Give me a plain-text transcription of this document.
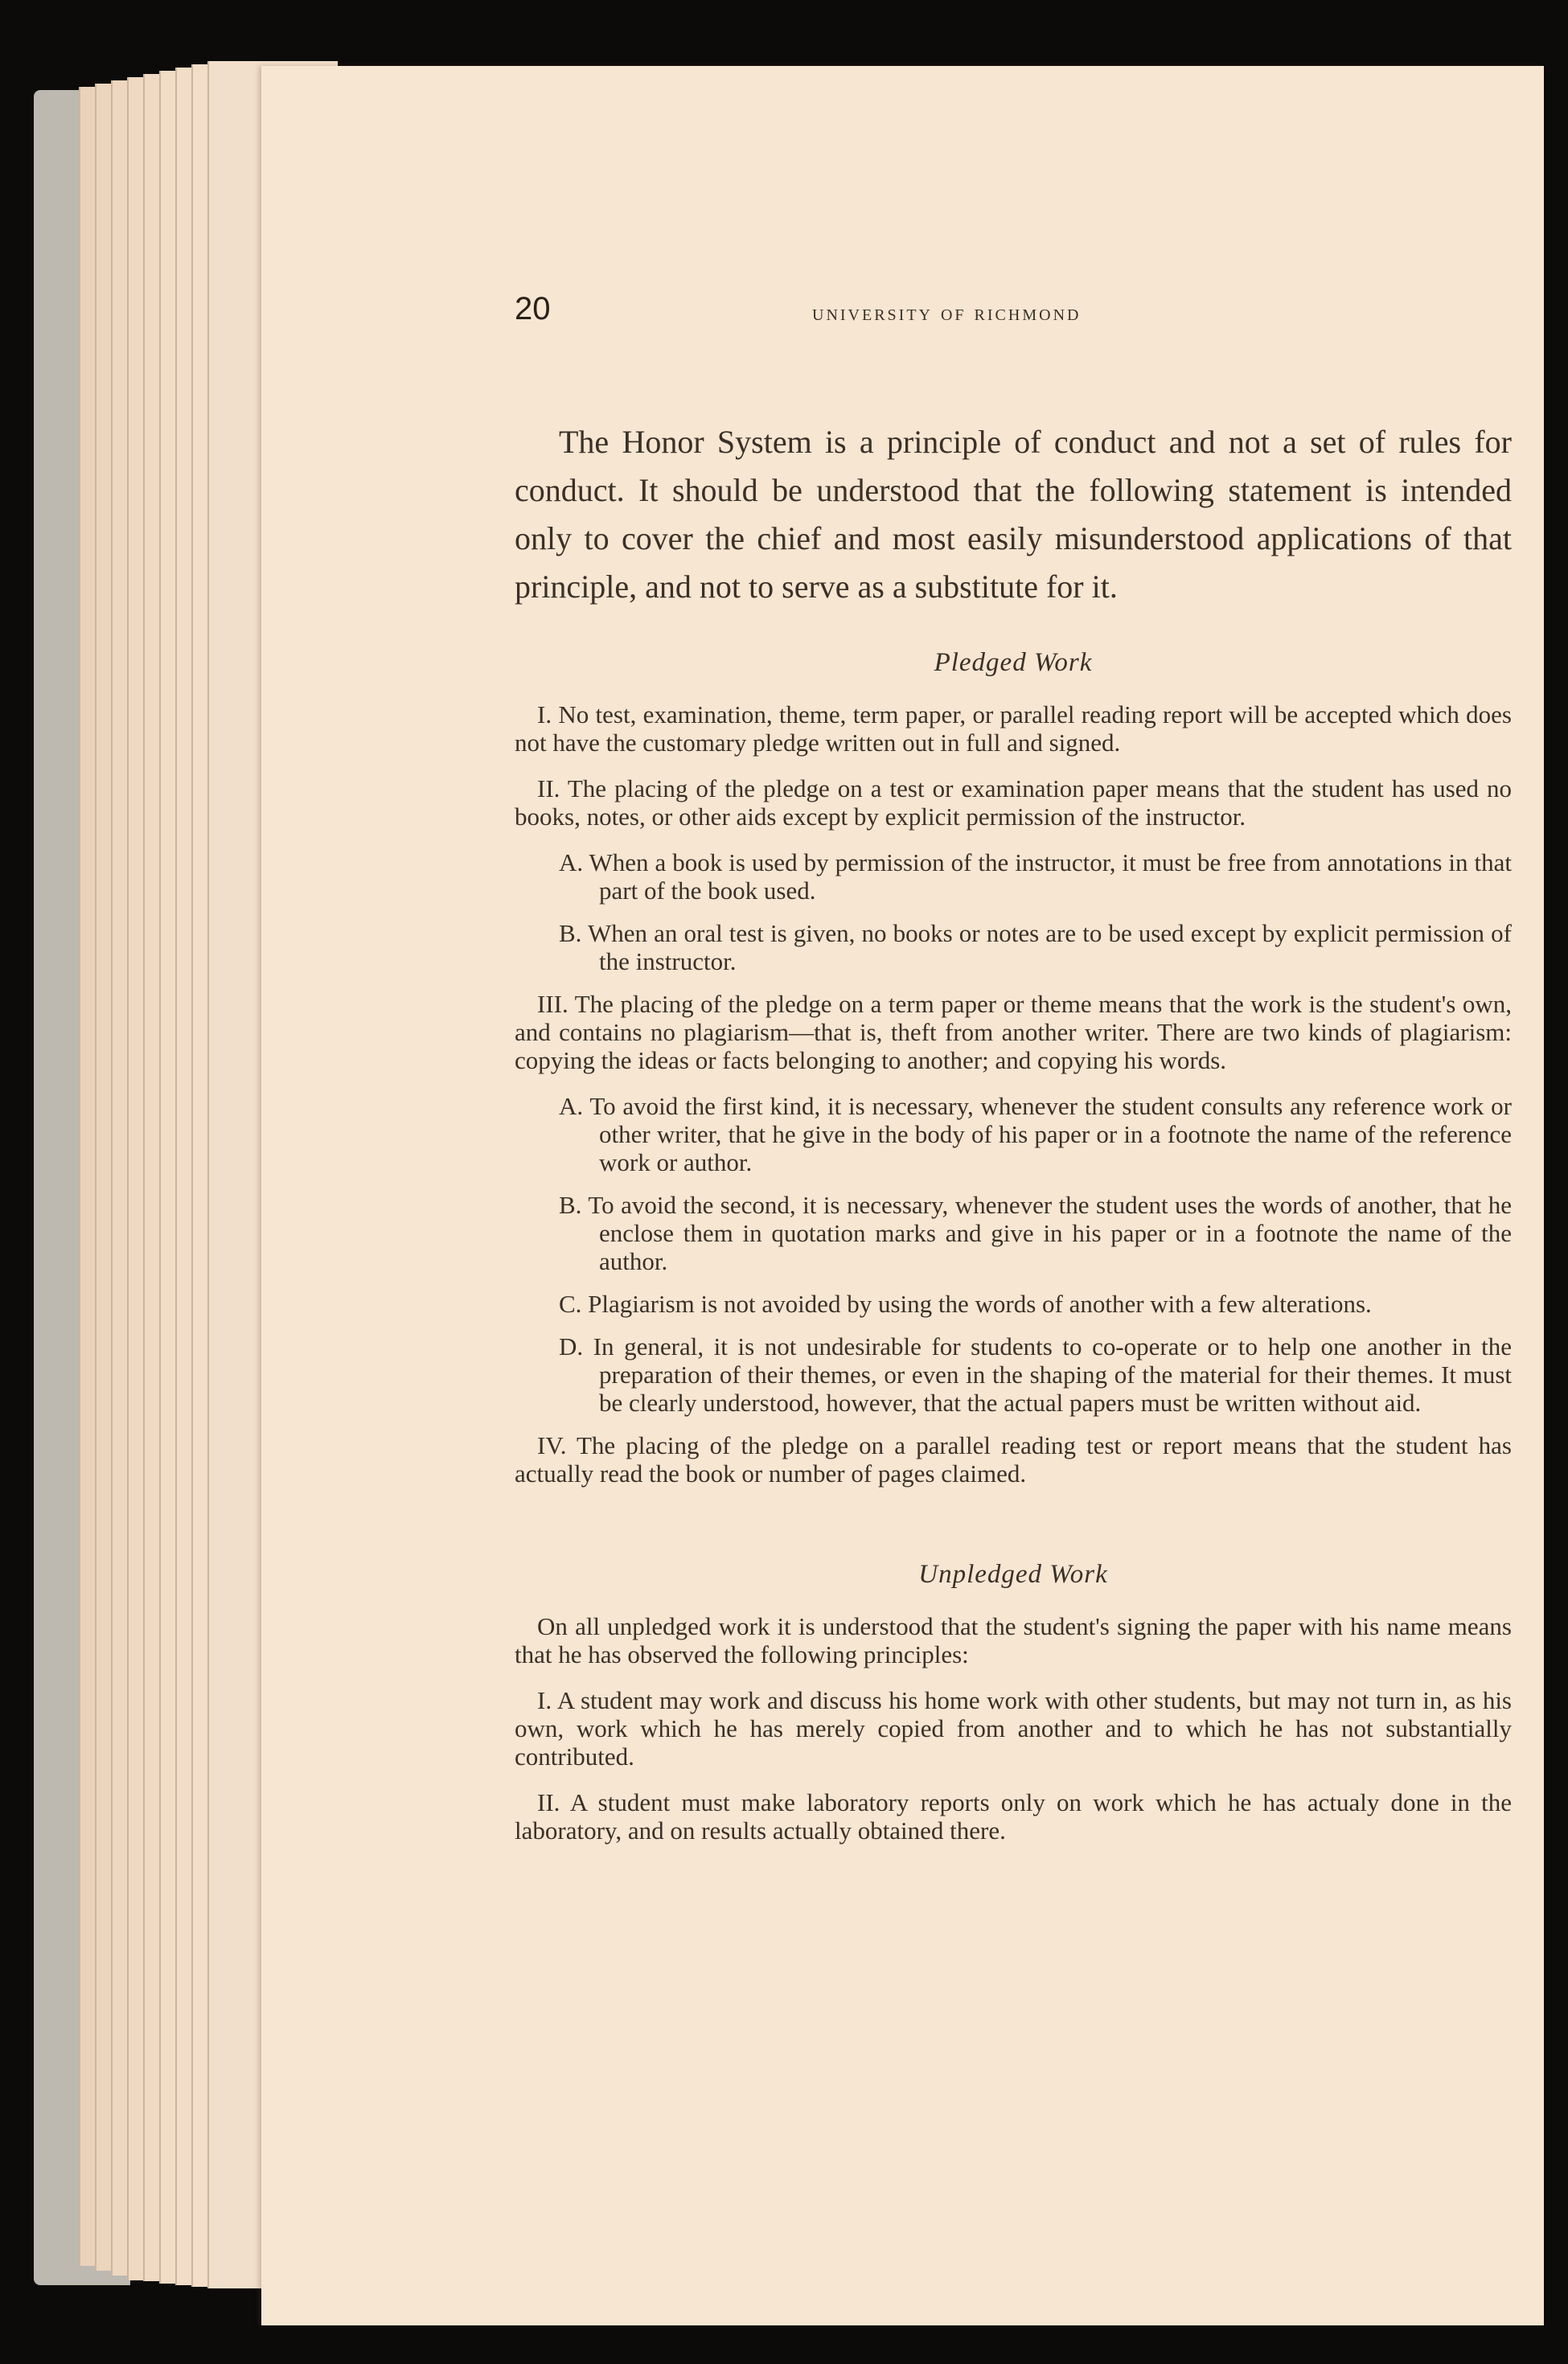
20	university of richmond

The Honor System is a principle of conduct and not a set of rules for conduct. It should be understood that the following statement is intended only to cover the chief and most easily misunderstood applications of that principle, and not to serve as a substitute for it.

Pledged Work

I. No test, examination, theme, term paper, or parallel reading report will be accepted which does not have the customary pledge written out in full and signed.

II. The placing of the pledge on a test or examination paper means that the student has used no books, notes, or other aids except by explicit permission of the instructor.

A. When a book is used by permission of the instructor, it must be free from annotations in that part of the book used.

B. When an oral test is given, no books or notes are to be used except by explicit permission of the instructor.

III. The placing of the pledge on a term paper or theme means that the work is the student's own, and contains no plagiarism—that is, theft from another writer. There are two kinds of plagiarism: copying the ideas or facts belonging to another; and copying his words.

A. To avoid the first kind, it is necessary, whenever the student consults any reference work or other writer, that he give in the body of his paper or in a footnote the name of the reference work or author.

B. To avoid the second, it is necessary, whenever the student uses the words of another, that he enclose them in quotation marks and give in his paper or in a footnote the name of the author.

C. Plagiarism is not avoided by using the words of another with a few alterations.

D. In general, it is not undesirable for students to co-operate or to help one another in the preparation of their themes, or even in the shaping of the material for their themes. It must be clearly understood, however, that the actual papers must be written without aid.

IV. The placing of the pledge on a parallel reading test or report means that the student has actually read the book or number of pages claimed.

Unpledged Work

On all unpledged work it is understood that the student's signing the paper with his name means that he has observed the following principles:

I. A student may work and discuss his home work with other students, but may not turn in, as his own, work which he has merely copied from another and to which he has not substantially contributed.

II. A student must make laboratory reports only on work which he has actualy done in the laboratory, and on results actually obtained there.
